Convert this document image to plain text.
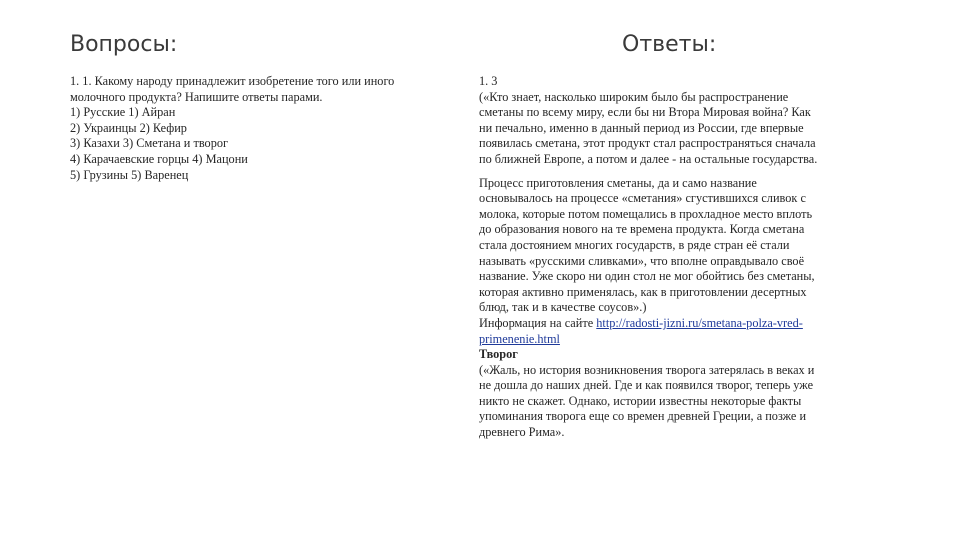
Вопросы:	Ответы:
1. 1. Какому народу принадлежит изобретение того или иного
молочного продукта? Напишите ответы парами.
1) Русские 1) Айран
2) Украинцы 2) Кефир
3) Казахи 3) Сметана и творог
4) Карачаевские горцы 4) Мацони
5) Грузины 5) Варенец
1. 3
(«Кто знает, насколько широким было бы распространение
сметаны по всему миру, если бы ни Втора Мировая война? Как
ни печально, именно в данный период из России, где впервые
появилась сметана, этот продукт стал распространяться сначала
по ближней Европе, а потом и далее - на остальные государства.
Процесс приготовления сметаны, да и само название
основывалось на процессе «сметания» сгустившихся сливок с
молока, которые потом помещались в прохладное место вплоть
до образования нового на те времена продукта. Когда сметана
стала достоянием многих государств, в ряде стран её стали
называть «русскими сливками», что вполне оправдывало своё
название. Уже скоро ни один стол не мог обойтись без сметаны,
которая активно применялась, как в приготовлении десертных
блюд, так и в качестве соусов».)
Информация на сайте http://radosti-jizni.ru/smetana-polza-vred-
primenenie.html
Творог
(«Жаль, но история возникновения творога затерялась в веках и
не дошла до наших дней. Где и как появился творог, теперь уже
никто не скажет. Однако, истории известны некоторые факты
упоминания творога еще со времен древней Греции, а позже и
древнего Рима».
